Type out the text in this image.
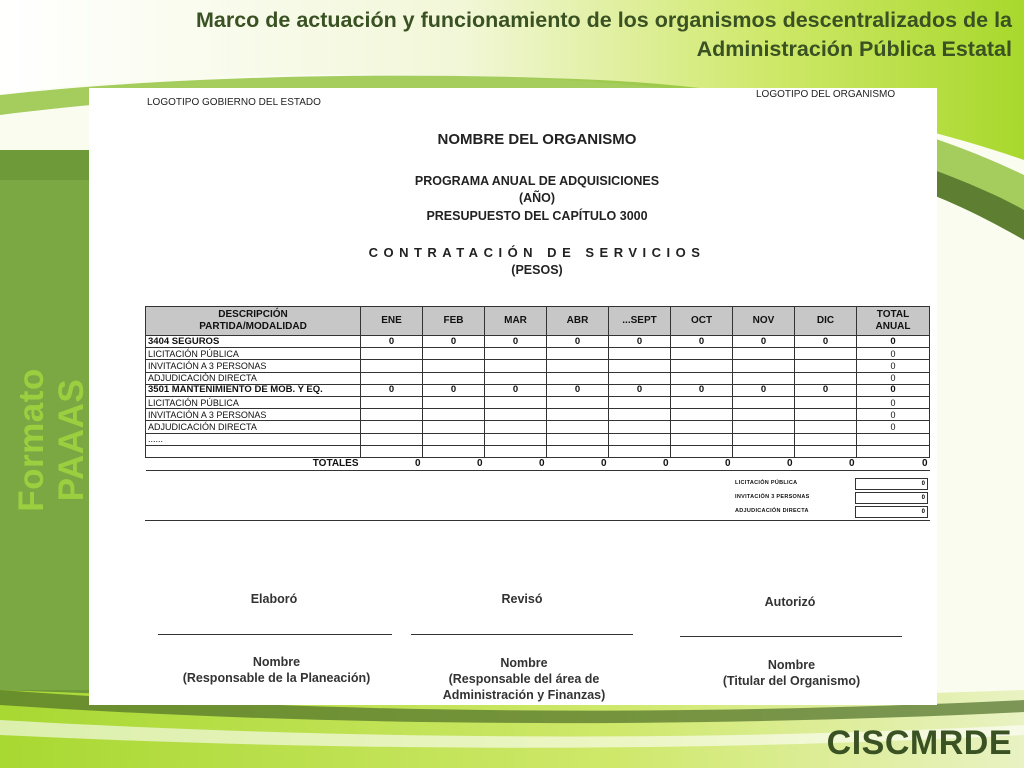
Marco de actuación y funcionamiento de los organismos descentralizados de la
Administración Pública Estatal
Formato PAAAS
CISCMRDE
LOGOTIPO GOBIERNO DEL ESTADO
LOGOTIPO DEL ORGANISMO
NOMBRE DEL ORGANISMO
PROGRAMA ANUAL DE ADQUISICIONES
(AÑO)
PRESUPUESTO DEL CAPÍTULO 3000
CONTRATACIÓN DE SERVICIOS
(PESOS)
DESCRIPCIÓN
PARTIDA/MODALIDAD	ENE	FEB	MAR	ABR	...SEPT	OCT	NOV	DIC	TOTAL
ANUAL
3404 SEGUROS	0	0	0	0	0	0	0	0	0
LICITACIÓN PÚBLICA									0
INVITACIÓN A 3 PERSONAS									0
ADJUDICACIÓN DIRECTA									0
3501 MANTENIMIENTO DE MOB. Y EQ.	0	0	0	0	0	0	0	0	0
LICITACIÓN PÚBLICA									0
INVITACIÓN A 3 PERSONAS									0
ADJUDICACIÓN DIRECTA									0
......									

TOTALES	0	0	0	0	0	0	0	0	0
LICITACIÓN PÚBLICA	0
INVITACIÓN 3 PERSONAS	0
ADJUDICACIÓN DIRECTA	0
Elaboró	Revisó	Autorizó
Nombre
(Responsable de la Planeación)
Nombre
(Responsable del área de
Administración y Finanzas)
Nombre
(Titular del Organismo)
